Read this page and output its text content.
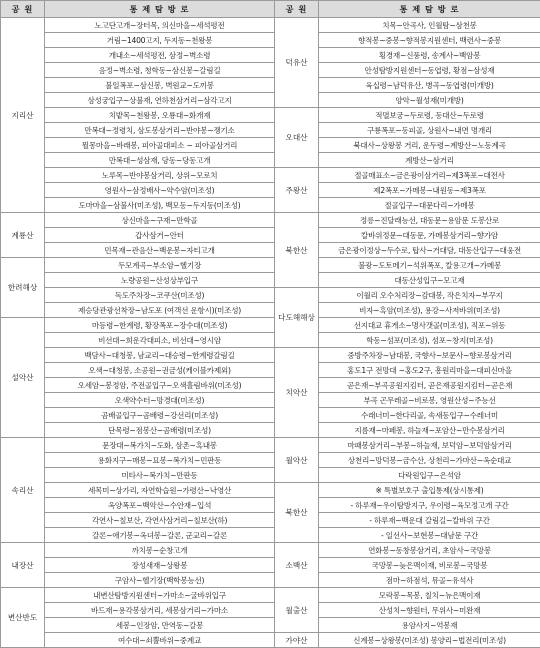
공 원	통 제 탐 방 로	공 원	통 제 탐 방 로
지리산	노고단고개~장터목, 의신마을~세석평전	덕유산	치목~안곡사, 인월탐~삼천봉
	거림~1400고지, 두지동~천왕봉		향적봉~중봉~향적봉지원센터, 백련사~중봉
	개내소~세석평전, 삼정~벽소령		횡경재~신풍령, 송계사~백암봉
	음정~벽소령, 청학동~삼신봉~갈림길		안성탐방지원센터~동엽령, 황점~삼성재
	불일폭포~삼신봉, 벽원교~도끼봉		육십령~남덕유산, 병곡~동엽령(미개방)
	삼성궁입구~상불재, 연하천삼거리~삼각고지		양악~월성재(미개방)
	치밭목~천왕봉, 오룡대~화개재	오대산	적멸보궁~두로령, 동대산~두로령
	만복대~정령치, 삼도봉삼거리~반야봉~쟁기소		구룡폭포~동피골, 상원사~내면 명개리
	뭘몽마을~바래봉, 피아골대피소 ~ 피아골삼거리		북대사~상왕봉 거리, 운두령~계방산~노동계곡
	만복대~성삼재, 당동~당동고개		계방산~삼거리
	노루목~반야봉삼거리, 상위~모로치	주왕산	절골매표소~금은광이삼거리~제3폭포~대전사
	영원사~삼정배사~약수암(미조성)		제2폭포~가메봉~내원동~제3폭포
	도마마을~삼불사(미조성), 백모동~두지동(미조성)		절골입구~대문다리~가메봉
계룡산	상신마을~구재~만학골	북한산	정릉~진달래능선, 대동문~용암문 도봉산로
	갑사삼거~안터		칼바위정문~대동문, 가메봉삼거리~향가암
	민목재~관음산~백운봉~자티고개		금은광이정상~두수로, 탑사~거대담, 대동산입구~대웅전
한려해상	두모계곡~부소암~헬기장		불광~도토메기~석위폭포, 칼용고개~가메봉
	노량공원~산성상부입구		대동산성입구~모고재
	독도주차장~코쿠산(미조성)	다도해해상	이월리 오수처리장~감대봉, 작은치자~부꾸지
	제승당관광선착장~남도포 (여객선 운항시)(미조성)		비자~흑암(미조성), 용강~사저바위(미조성)
설악산	마등령~한계령, 황장폭포~장수대(미조성)		선지대교 휴게소~명사갯골(미조성), 직포~위동
	비선대~희운각대피소, 비선대~영시암		학동~섬포(미조성), 섬포~창지(미조성)
	백담사~대청봉, 남교리~대승령~한계령갈림길	치악산	중방주차장~남대봉, 국향사~보문사~향로봉삼거리
	오색~대청봉, 소공원~권금성(케이블카제외)		홍도1구 전망대 ~홍도2구, 흥원리마을~대피신마을
	오세암~봉정암, 주전골입구~오색흘림바위(미조성)		곧은재~부곡공원지킴터, 곧은재공원지킴터~곧은재
	오색약수터~망경대(미조성)		부곡 곤무레골~비로봉, 영원산성~주능선
	곰배골입구~곰배령~강선리(미조성)		수래너미~한다리골, 속새동입구~수레너미
	단목령~점봉산~곰배령(미조성)		지름재~마페봉, 하늘재~포암산~만수봉삼거리
속리산	문장대~복가치~도화, 삼촌~흑내봉	월악산	마패봉삼거리~부봉~하늘재, 보덕암~보덕암삼거리
	용화지구~매봉~묘봉~복가치~민판동		상천리~망덕봉~금수산, 상천리~가마산~옥순대교
	미타사~복가치~만판동		다락원입구~은석암
	세목미~상가리, 자연학습원~가령산~낙영산	북한산	※ 특별보호구 출입통제(상시통제)
	옥양폭포~백악산~수안재~입석		- 하루재~우이탐방지구, 우이령~육모정고개 구간
	각연사~칠보산, 각연사삼거리~칠보산(하)		- 하루재~백운대 갈림길~칼바위 구간
	갈론~애기봉~옥녀봉~갈론, 군교리~갈론		- 일선사~보현봉~대남문 구간
내장산	까치봉~순창고개	소백산	연화봉~동창봉삼거리, 초암사~국망봉
	장성새재~상왕봉		국망봉~늦은맥이재, 비로봉~국망봉
	구암사~헬기장(백학봉능선)		점마~하점석, 뮤골~유석사
변산반도	내변산탐방지원센터~가마소~굴바위입구	월출산	모락봉~목봉, 칠치~뉴은맥이재
	바드재~용각봉삼거리, 세봉삼거리~가마소		산성치~향원터, 무위사~미완재
	세봉~인장암, 만역동~갈봉		용암사지~억봉재
	여수대~쇠뿔바위~중계교	가야산	신계봉~상왕봉(미조성) 봉양리~법전리(미조성)
